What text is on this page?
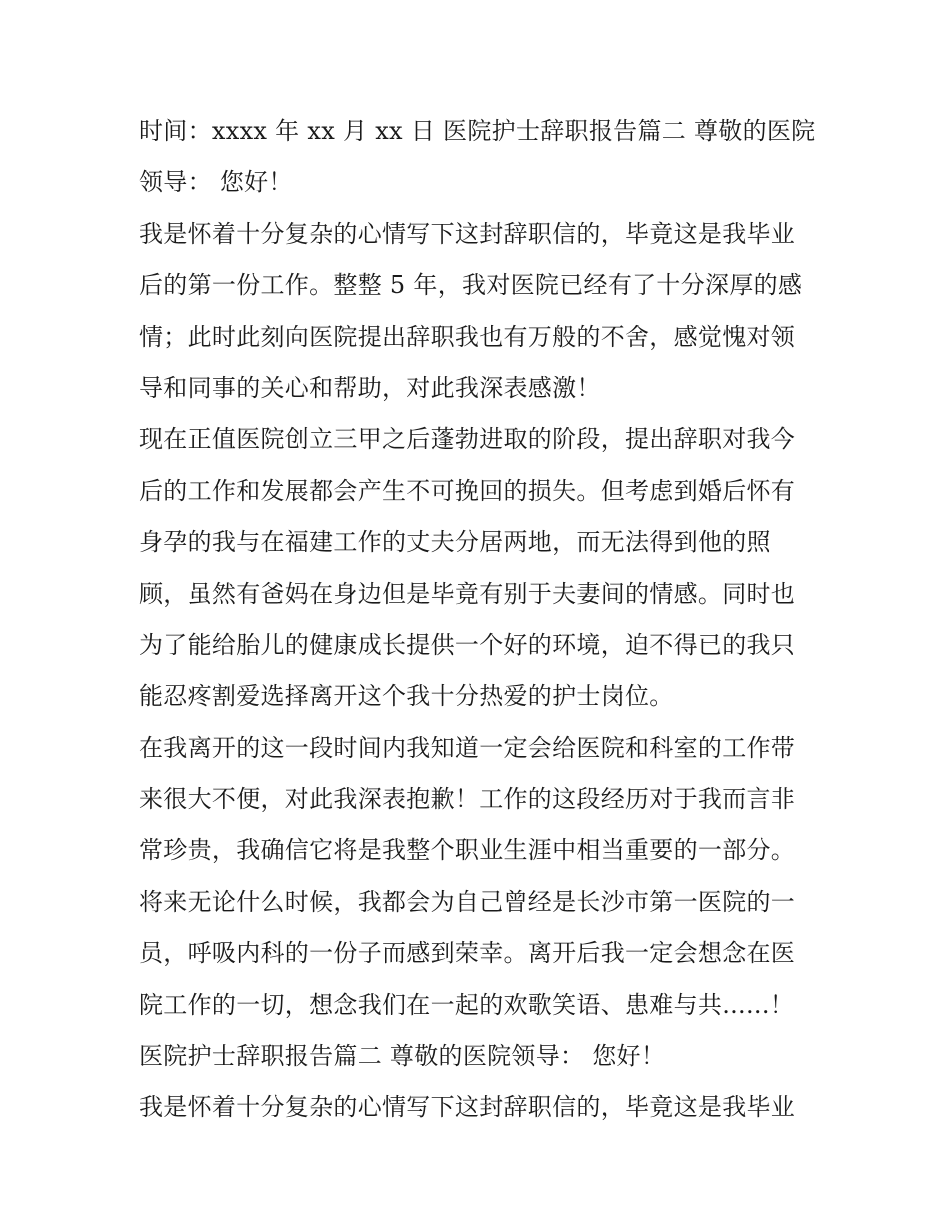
时间：xxxx 年 xx 月 xx 日 医院护士辞职报告篇二 尊敬的医院
领导： 您好！
我是怀着十分复杂的心情写下这封辞职信的，毕竟这是我毕业
后的第一份工作。整整 5 年，我对医院已经有了十分深厚的感
情；此时此刻向医院提出辞职我也有万般的不舍，感觉愧对领
导和同事的关心和帮助，对此我深表感激！
现在正值医院创立三甲之后蓬勃进取的阶段，提出辞职对我今
后的工作和发展都会产生不可挽回的损失。但考虑到婚后怀有
身孕的我与在福建工作的丈夫分居两地，而无法得到他的照
顾，虽然有爸妈在身边但是毕竟有别于夫妻间的情感。同时也
为了能给胎儿的健康成长提供一个好的环境，迫不得已的我只
能忍疼割爱选择离开这个我十分热爱的护士岗位。
在我离开的这一段时间内我知道一定会给医院和科室的工作带
来很大不便，对此我深表抱歉！工作的这段经历对于我而言非
常珍贵，我确信它将是我整个职业生涯中相当重要的一部分。
将来无论什么时候，我都会为自己曾经是长沙市第一医院的一
员，呼吸内科的一份子而感到荣幸。离开后我一定会想念在医
院工作的一切，想念我们在一起的欢歌笑语、患难与共......！
医院护士辞职报告篇二 尊敬的医院领导： 您好！
我是怀着十分复杂的心情写下这封辞职信的，毕竟这是我毕业
